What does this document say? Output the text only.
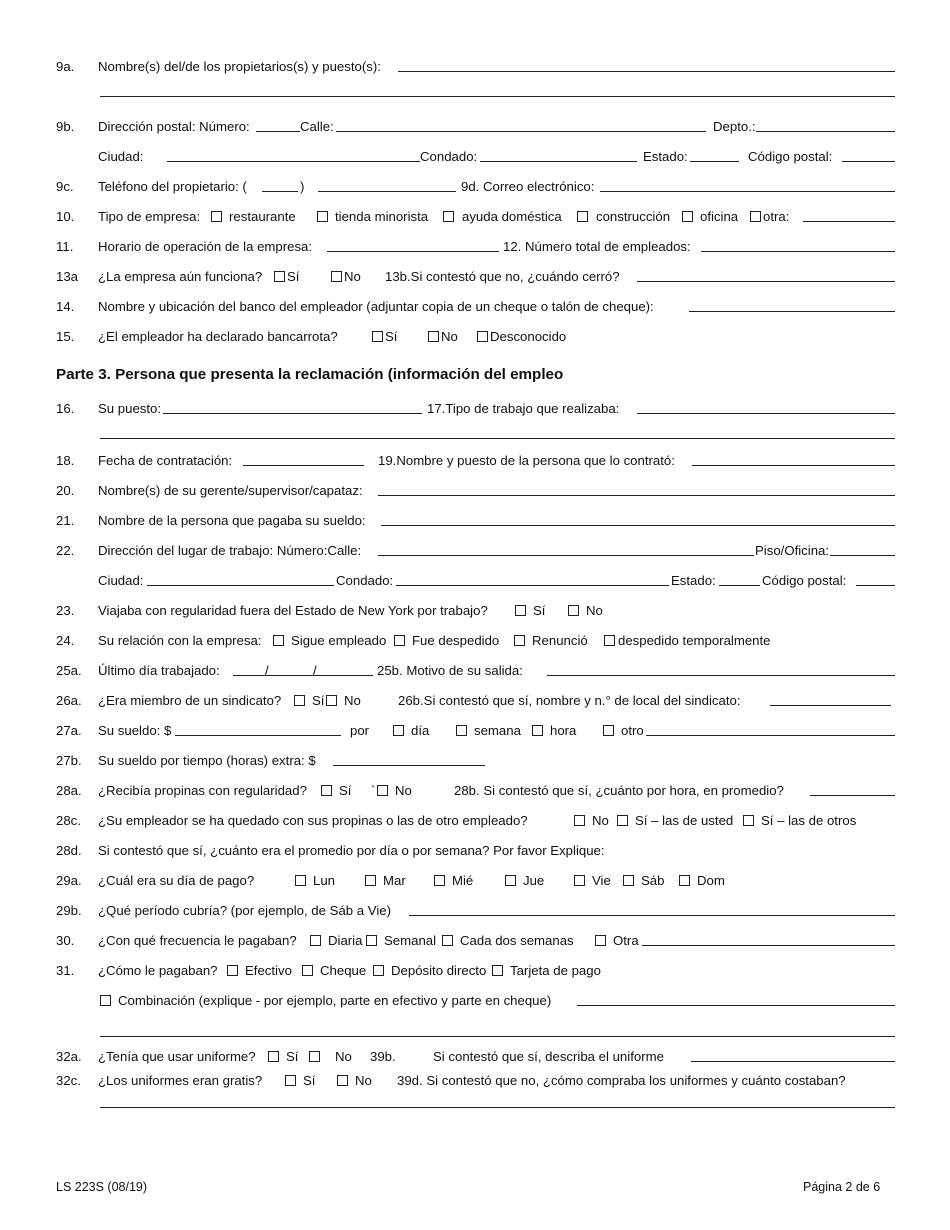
9a. Nombre(s) del/de los propietarios(s) y puesto(s):
9b. Dirección postal: Número:	Calle:	Depto.:
Ciudad:	Condado:	Estado:	Código postal:
9c. Teléfono del propietario: (	)	9d. Correo electrónico:
10. Tipo de empresa: restaurante	tienda minorista	ayuda doméstica	construcción oficina otra:
11. Horario de operación de la empresa:	12. Número total de empleados:
13a ¿La empresa aún funciona? Sí	No 13b.Si contestó que no, ¿cuándo cerró?
14. Nombre y ubicación del banco del empleador (adjuntar copia de un cheque o talón de cheque):
15. ¿El empleador ha declarado bancarrota?	Sí	No Desconocido
Parte 3. Persona que presenta la reclamación (información del empleo
16. Su puesto:	17.Tipo de trabajo que realizaba:
18. Fecha de contratación:	19.Nombre y puesto de la persona que lo contrató:
20. Nombre(s) de su gerente/supervisor/capataz:
21. Nombre de la persona que pagaba su sueldo:
22. Dirección del lugar de trabajo: Número:Calle:	Piso/Oficina:
Ciudad:	Condado:	Estado:	Código postal:
23. Viajaba con regularidad fuera del Estado de New York por trabajo?	Sí	No
24. Su relación con la empresa: Sigue empleado Fue despedido Renunció despedido temporalmente
25a. Último día trabajado:	/	/	25b. Motivo de su salida:
26a. ¿Era miembro de un sindicato? Sí No	26b.Si contestó que sí, nombre y n.° de local del sindicato:
27a. Su sueldo: $	por	día	semana hora	otro
27b. Su sueldo por tiempo (horas) extra: $
28a. ¿Recibía propinas con regularidad? Sí ` No	28b. Si contestó que sí, ¿cuánto por hora, en promedio?
28c. ¿Su empleador se ha quedado con sus propinas o las de otro empleado?	No Sí – las de usted Sí – las de otros
28d. Si contestó que sí, ¿cuánto era el promedio por día o por semana? Por favor Explique:
29a. ¿Cuál era su día de pago?	Lun	Mar	Mié	Jue	Vie Sáb Dom
29b. ¿Qué período cubría? (por ejemplo, de Sáb a Vie)
30. ¿Con qué frecuencia le pagaban? Diaria Semanal Cada dos semanas	Otra
31. ¿Cómo le pagaban? Efectivo Cheque Depósito directo Tarjeta de pago
Combinación (explique - por ejemplo, parte en efectivo y parte en cheque)
32a. ¿Tenía que usar uniforme? Sí	No 39b.	Si contestó que sí, describa el uniforme
32c. ¿Los uniformes eran gratis?	Sí	No 39d. Si contestó que no, ¿cómo compraba los uniformes y cuánto costaban?
LS 223S (08/19)	Página 2 de 6
